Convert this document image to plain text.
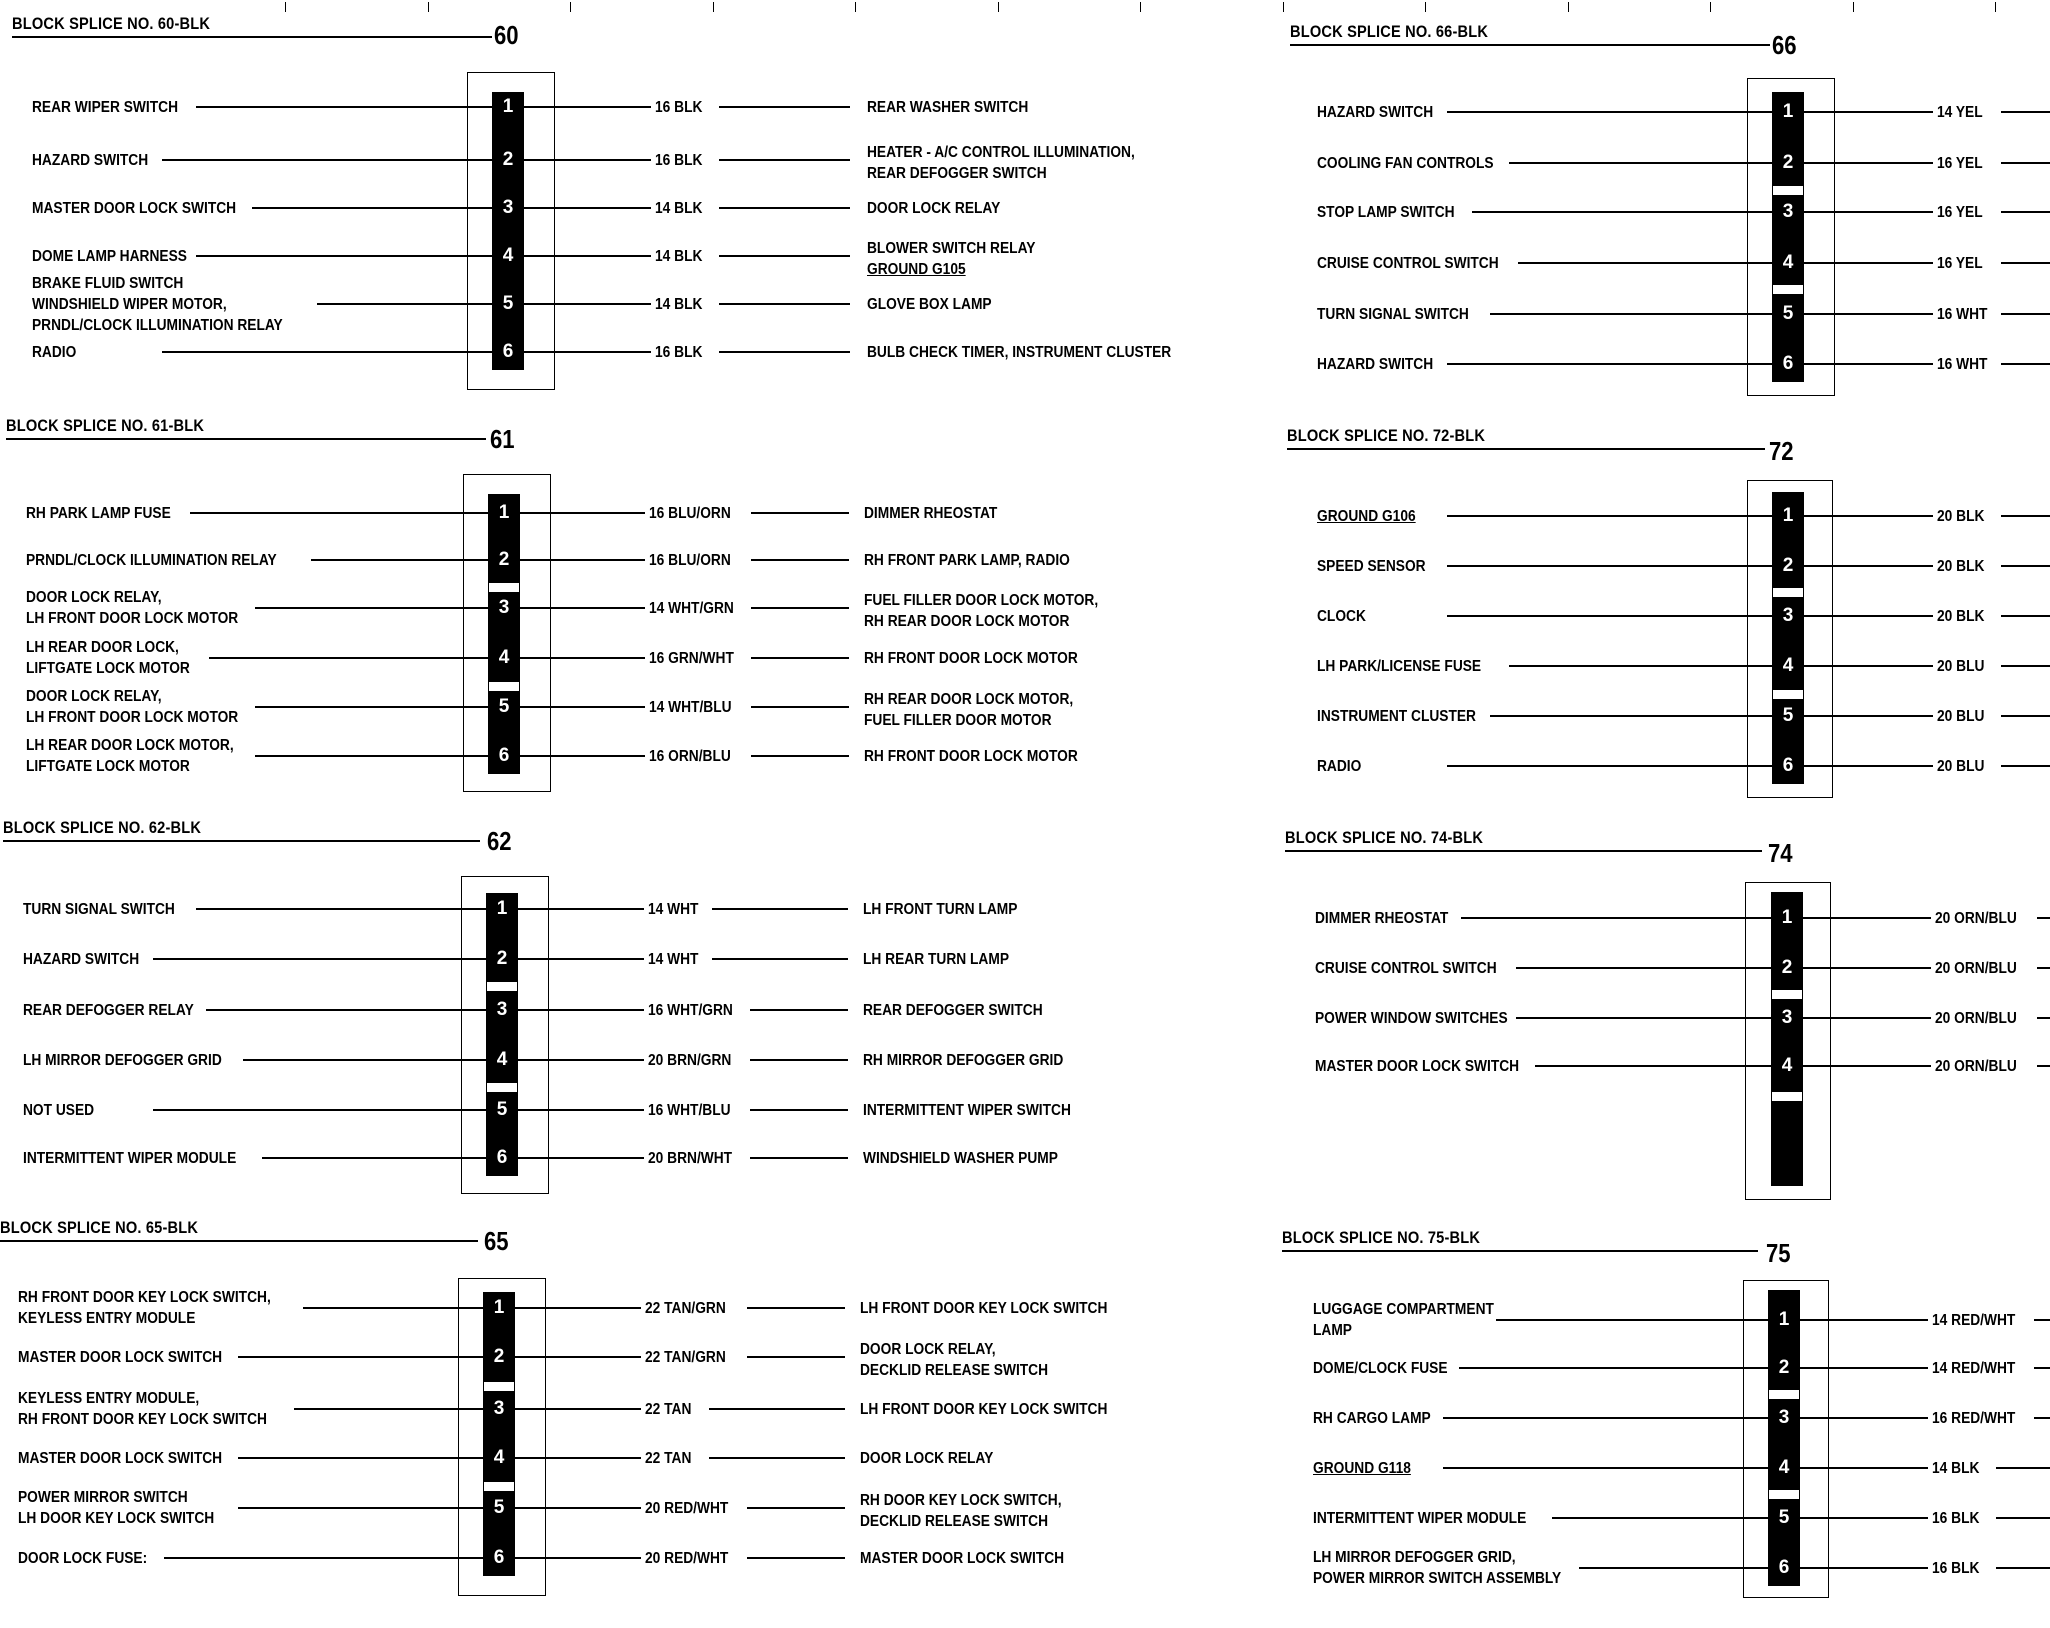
BLOCK SPLICE NO. 60-BLK	60
1
REAR WIPER SWITCH	16 BLK	REAR WASHER SWITCH
2
HAZARD SWITCH	16 BLK	HEATER - A/C CONTROL ILLUMINATION,
REAR DEFOGGER SWITCH
3
MASTER DOOR LOCK SWITCH	14 BLK	DOOR LOCK RELAY
4
DOME LAMP HARNESS	14 BLK	BLOWER SWITCH RELAY
GROUND G105
5
BRAKE FLUID SWITCH
WINDSHIELD WIPER MOTOR,
PRNDL/CLOCK ILLUMINATION RELAY
14 BLK	GLOVE BOX LAMP
6
RADIO	16 BLK	BULB CHECK TIMER, INSTRUMENT CLUSTER
BLOCK SPLICE NO. 61-BLK	61
1
RH PARK LAMP FUSE	16 BLU/ORN	DIMMER RHEOSTAT
2
PRNDL/CLOCK ILLUMINATION RELAY	16 BLU/ORN	RH FRONT PARK LAMP, RADIO
3
DOOR LOCK RELAY,
LH FRONT DOOR LOCK MOTOR
14 WHT/GRN	FUEL FILLER DOOR LOCK MOTOR,
RH REAR DOOR LOCK MOTOR
4
LH REAR DOOR LOCK,
LIFTGATE LOCK MOTOR
16 GRN/WHT	RH FRONT DOOR LOCK MOTOR
5
DOOR LOCK RELAY,
LH FRONT DOOR LOCK MOTOR
14 WHT/BLU	RH REAR DOOR LOCK MOTOR,
FUEL FILLER DOOR MOTOR
6
LH REAR DOOR LOCK MOTOR,
LIFTGATE LOCK MOTOR
16 ORN/BLU	RH FRONT DOOR LOCK MOTOR
BLOCK SPLICE NO. 62-BLK	62
1
TURN SIGNAL SWITCH	14 WHT	LH FRONT TURN LAMP
2
HAZARD SWITCH	14 WHT	LH REAR TURN LAMP
3
REAR DEFOGGER RELAY	16 WHT/GRN	REAR DEFOGGER SWITCH
4
LH MIRROR DEFOGGER GRID	20 BRN/GRN	RH MIRROR DEFOGGER GRID
5
NOT USED	16 WHT/BLU	INTERMITTENT WIPER SWITCH
6
INTERMITTENT WIPER MODULE	20 BRN/WHT	WINDSHIELD WASHER PUMP
BLOCK SPLICE NO. 65-BLK	65
1
RH FRONT DOOR KEY LOCK SWITCH,
KEYLESS ENTRY MODULE
22 TAN/GRN	LH FRONT DOOR KEY LOCK SWITCH
2
MASTER DOOR LOCK SWITCH	22 TAN/GRN	DOOR LOCK RELAY,
DECKLID RELEASE SWITCH
3
KEYLESS ENTRY MODULE,
RH FRONT DOOR KEY LOCK SWITCH
22 TAN	LH FRONT DOOR KEY LOCK SWITCH
4
MASTER DOOR LOCK SWITCH	22 TAN	DOOR LOCK RELAY
5
POWER MIRROR SWITCH
LH DOOR KEY LOCK SWITCH
20 RED/WHT	RH DOOR KEY LOCK SWITCH,
DECKLID RELEASE SWITCH
6
DOOR LOCK FUSE:	20 RED/WHT	MASTER DOOR LOCK SWITCH
BLOCK SPLICE NO. 66-BLK	66
1
HAZARD SWITCH	14 YEL
2
COOLING FAN CONTROLS	16 YEL
3
STOP LAMP SWITCH	16 YEL
4
CRUISE CONTROL SWITCH	16 YEL
5
TURN SIGNAL SWITCH	16 WHT
6
HAZARD SWITCH	16 WHT
BLOCK SPLICE NO. 72-BLK
72
1
GROUND G106	20 BLK
2
SPEED SENSOR	20 BLK
3
CLOCK	20 BLK
4
LH PARK/LICENSE FUSE	20 BLU
5
INSTRUMENT CLUSTER	20 BLU
6
RADIO	20 BLU
BLOCK SPLICE NO. 74-BLK
74
1
DIMMER RHEOSTAT	20 ORN/BLU
2
CRUISE CONTROL SWITCH	20 ORN/BLU
3
POWER WINDOW SWITCHES	20 ORN/BLU
4
MASTER DOOR LOCK SWITCH	20 ORN/BLU
BLOCK SPLICE NO. 75-BLK
75
1
LUGGAGE COMPARTMENT
LAMP
14 RED/WHT
2
DOME/CLOCK FUSE	14 RED/WHT
3
RH CARGO LAMP	16 RED/WHT
4
GROUND G118	14 BLK
5
INTERMITTENT WIPER MODULE	16 BLK
6
LH MIRROR DEFOGGER GRID,
POWER MIRROR SWITCH ASSEMBLY
16 BLK
